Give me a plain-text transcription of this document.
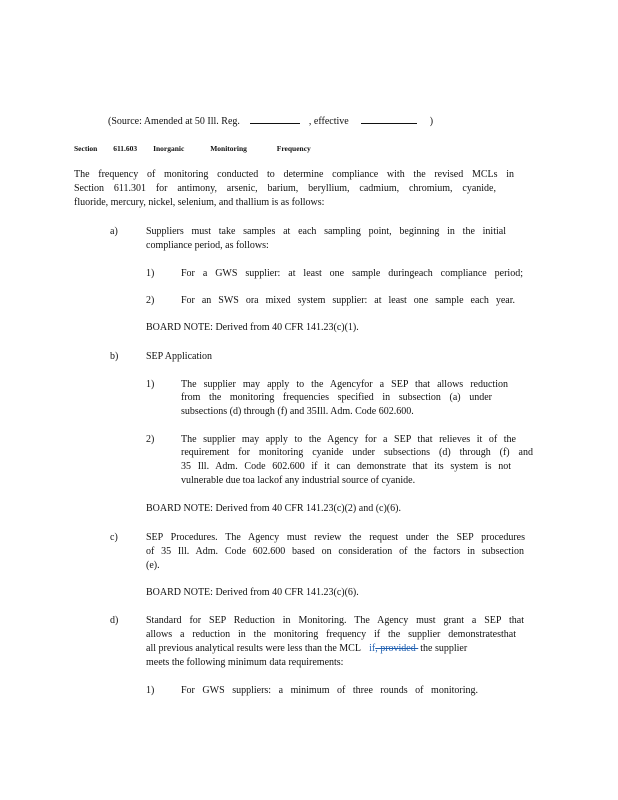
(Source: Amended at 50 Ill. Reg.	, effective	)
Section 611.603 Inorganic	Monitoring	Frequency
The frequency of monitoring conducted to determine compliance with the revised MCLs in
Section 611.301 for antimony, arsenic, barium, beryllium, cadmium, chromium, cyanide,
fluoride, mercury, nickel, selenium, and thallium is as follows:
a)	Suppliers must take samples at each sampling point, beginning in the initial
compliance period, as follows:
1)	For a GWS supplier: at least one sample duringeach compliance period;
2)	For an SWS ora mixed system supplier: at least one sample each year.
BOARD NOTE: Derived from 40 CFR 141.23(c)(1).
b)	SEP Application
1)	The supplier may apply to the Agencyfor a SEP that allows reduction
from the monitoring frequencies specified in subsection (a) under
subsections (d) through (f) and 35Ill. Adm. Code 602.600.
2)	The supplier may apply to the Agency for a SEP that relieves it of the
requirement for monitoring cyanide under subsections (d) through (f) and
35 Ill. Adm. Code 602.600 if it can demonstrate that its system is not
vulnerable due toa lackof any industrial source of cyanide.
BOARD NOTE: Derived from 40 CFR 141.23(c)(2) and (c)(6).
c)	SEP Procedures. The Agency must review the request under the SEP procedures
of 35 Ill. Adm. Code 602.600 based on consideration of the factors in subsection
(e).
BOARD NOTE: Derived from 40 CFR 141.23(c)(6).
d)	Standard for SEP Reduction in Monitoring. The Agency must grant a SEP that
allows a reduction in the monitoring frequency if the supplier demonstratesthat
all previous analytical results were less than the MCL if, provided the supplier
meets the following minimum data requirements:
1)	For GWS suppliers: a minimum of three rounds of monitoring.
